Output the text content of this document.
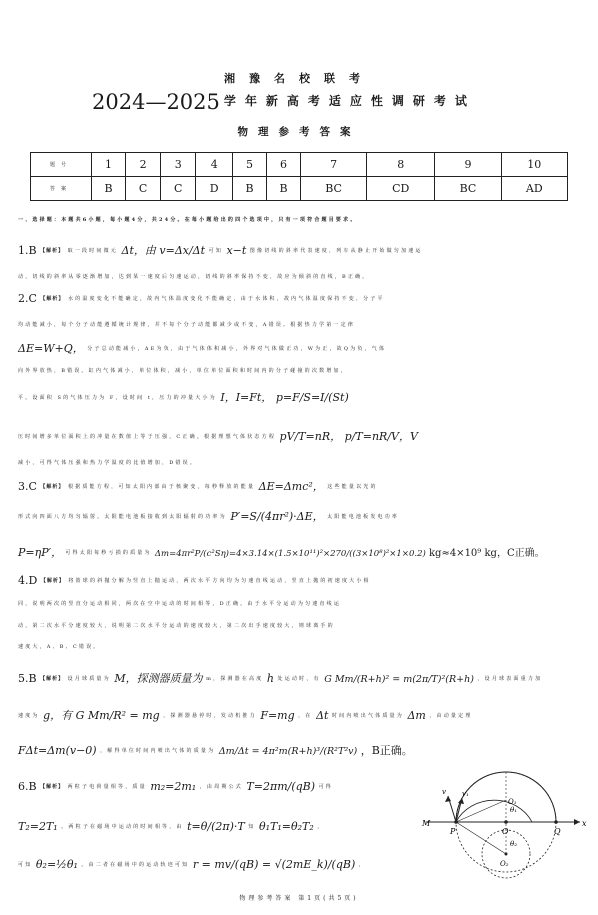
湘豫名校联考
2024—2025 学年新高考适应性调研考试
物理参考答案
题号	1	2	3	4	5	6	7	8	9	10
答案	B	C	C	D	B	B	BC	CD	BC	AD
一、选择题：本题共6小题，每小题4分，共24分。在每小题给出的四个选项中，只有一项符合题目要求。
1.B 【解析】 取一段时间微元 Δt，由 v=Δx/Δt 可知 x−t 图像切线的斜率代表速度，列车从静止开始做匀加速运
动，切线的斜率从零逐渐增加，达到某一速度后匀速运动，切线的斜率保持不变，故应为倾斜的直线，B正确。
2.C 【解析】 水的温度变化不能确定，故内气体温度变化不能确定，由于水体积，故内气体温度保持不变，分子平
均动能减小，每个分子动能遵循统计规律，并不每个分子动能都减少或不变，A错误。根据热力学第一定律
ΔE=W+Q， 分子总动能减小，ΔE为负，由于气体体积减小，外界对气体做正功，W为正，故Q为负，气体
向外界放热，B错误。缸内气体减小，单位体积，减小，单位单位面积和时间内的分子碰撞的次数增加，
平。设面积 S的气体压力为 F，设时间 t，压力的冲量大小为 I，I=Ft， p=F/S=I/(St)
压时间增多单位面积上的冲量在数值上等于压强，C正确。根据理想气体状态方程 pV/T=nR， p/T=nR/V，V
减小，可得气体压强和热力学温度的比值增加，D错误。
3.C 【解析】 根据质能方程，可知太阳内部由于核聚变，每秒释放的能量 ΔE=Δmc²， 这些能量以光的
形式向四面八方均匀辐射。太阳能电池板接收到太阳辐射的功率为 P′=S/(4πr²)·ΔE， 太阳能电池板发电功率
P=ηP′， $^{可得太阳每秒亏损的质量为}$ Δm=4πr²P/(c²Sη)=4×3.14×(1.5×10¹¹)²×270/((3×10⁸)²×1×0.2) kg≈4×10⁹ kg，C正确。
4.D 【解析】 将篮球的斜抛分解为竖直上抛运动，两次水平方向均为匀速直线运动，竖直上抛的初速度大小相
同，说明两次的竖直分运动相同，两次在空中运动的时间相等，D正确。由于水平分运动为匀速直线运
动，第二次水平分速度较大，说明第二次水平分运动的速度较大，第二次出手速度较大，则球离手的
速度大，A、B、C错误。
5.B 【解析】 设月球质量为 M，探测器质量为 m，探测器在高度 h 处运动时，有 G Mm/(R+h)² = m(2π/T)²(R+h) ，设月球表面重力加
速度为 g，有 G Mm/R² = mg ，探测器悬停时，发动机推力 F=mg ，在 Δt 时间内喷出气体质量为 Δm ，由动量定理
FΔt=Δm(v−0) ，解得单位时间内喷出气体的质量为 Δm/Δt = 4π²m(R+h)³/(R²T²v) ，B正确。
6.B 【解析】 两粒子电荷量相等，质量 m₂=2m₁ ，由周期公式 T=2πm/(qB) 可得
T₂=2T₁ 。两粒子在磁场中运动的时间相等，由 t=θ/(2π)·T 知 θ₁T₁=θ₂T₂ ，
可知 θ₂=½θ₁ 。由二者在磁场中的运动轨迹可知 r = mv/(qB) = √(2mE_k)/(qB) ，
M
P	O	Q
x
v v₁
θ₁
θ₂
O₁
O₂
物理参考答案 第1页(共5页)
